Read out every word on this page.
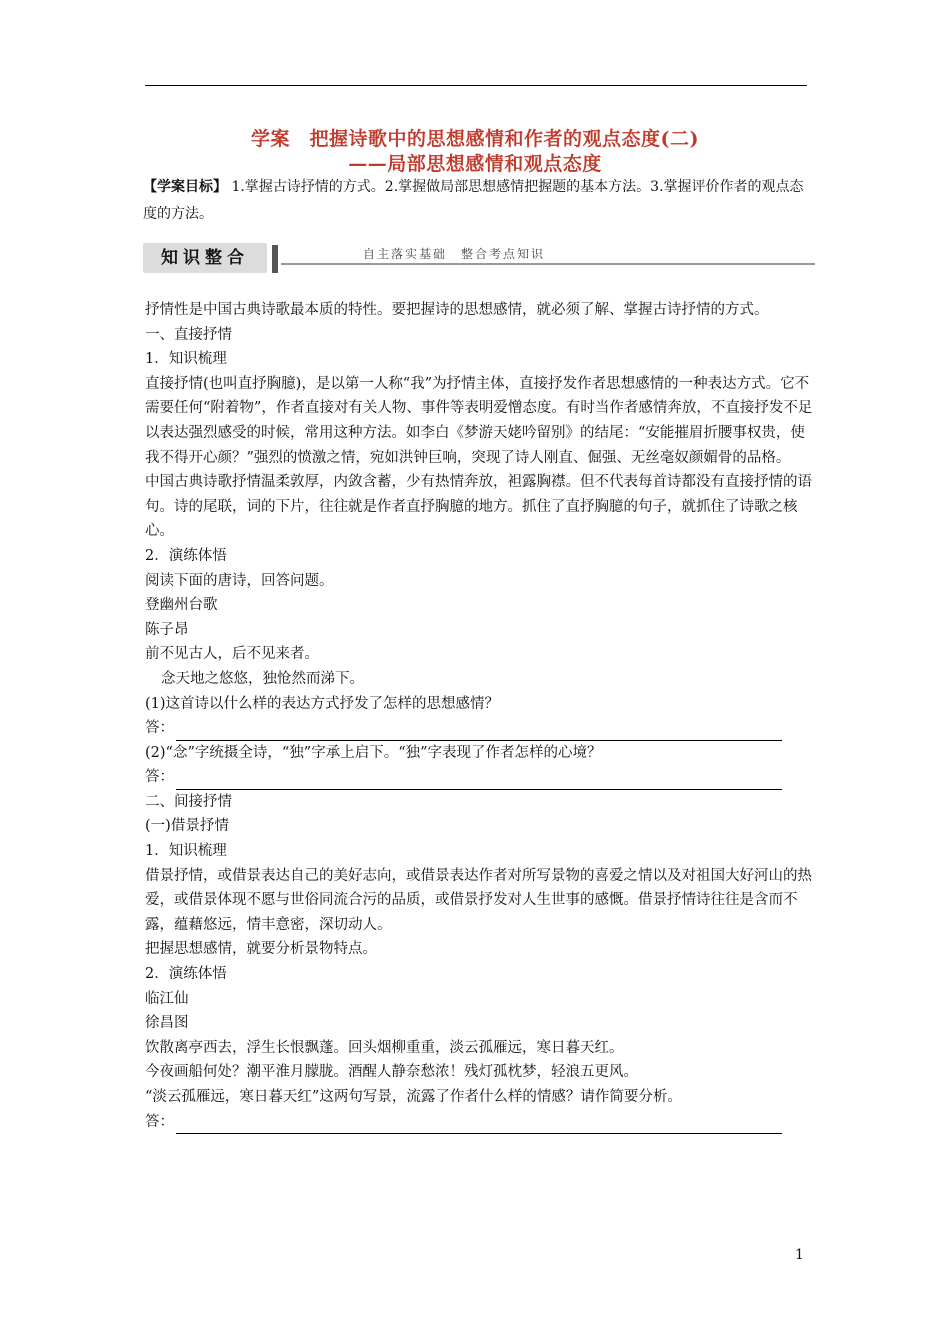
学案　把握诗歌中的思想感情和作者的观点态度(二)
——局部思想感情和观点态度
【学案目标】 1.掌握古诗抒情的方式。2.掌握做局部思想感情把握题的基本方法。3.掌握评价作者的观点态度的方法。
知识整合	自主落实基础　整合考点知识

抒情性是中国古典诗歌最本质的特性。要把握诗的思想感情，就必须了解、掌握古诗抒情的方式。

一、直接抒情

1．知识梳理

直接抒情(也叫直抒胸臆)，是以第一人称“我”为抒情主体，直接抒发作者思想感情的一种表达方式。它不需要任何“附着物”，作者直接对有关人物、事件等表明爱憎态度。有时当作者感情奔放，不直接抒发不足以表达强烈感受的时候，常用这种方法。如李白《梦游天姥吟留别》的结尾：“安能摧眉折腰事权贵，使我不得开心颜？”强烈的愤激之情，宛如洪钟巨响，突现了诗人刚直、倔强、无丝毫奴颜媚骨的品格。

中国古典诗歌抒情温柔敦厚，内敛含蓄，少有热情奔放，袒露胸襟。但不代表每首诗都没有直接抒情的语句。诗的尾联，词的下片，往往就是作者直抒胸臆的地方。抓住了直抒胸臆的句子，就抓住了诗歌之核心。

2．演练体悟

阅读下面的唐诗，回答问题。

登幽州台歌

陈子昂

前不见古人，后不见来者。

念天地之悠悠，独怆然而涕下。

(1)这首诗以什么样的表达方式抒发了怎样的思想感情？

答：

(2)“念”字统摄全诗，“独”字承上启下。“独”字表现了作者怎样的心境？

答：

二、间接抒情

(一)借景抒情

1．知识梳理

借景抒情，或借景表达自己的美好志向，或借景表达作者对所写景物的喜爱之情以及对祖国大好河山的热爱，或借景体现不愿与世俗同流合污的品质，或借景抒发对人生世事的感慨。借景抒情诗往往是含而不露，蕴藉悠远，情丰意密，深切动人。

把握思想感情，就要分析景物特点。

2．演练体悟

临江仙

徐昌图

饮散离亭西去，浮生长恨飘蓬。回头烟柳重重，淡云孤雁远，寒日暮天红。

今夜画船何处？潮平淮月朦胧。酒醒人静奈愁浓！残灯孤枕梦，轻浪五更风。

“淡云孤雁远，寒日暮天红”这两句写景，流露了作者什么样的情感？请作简要分析。

答：

1
